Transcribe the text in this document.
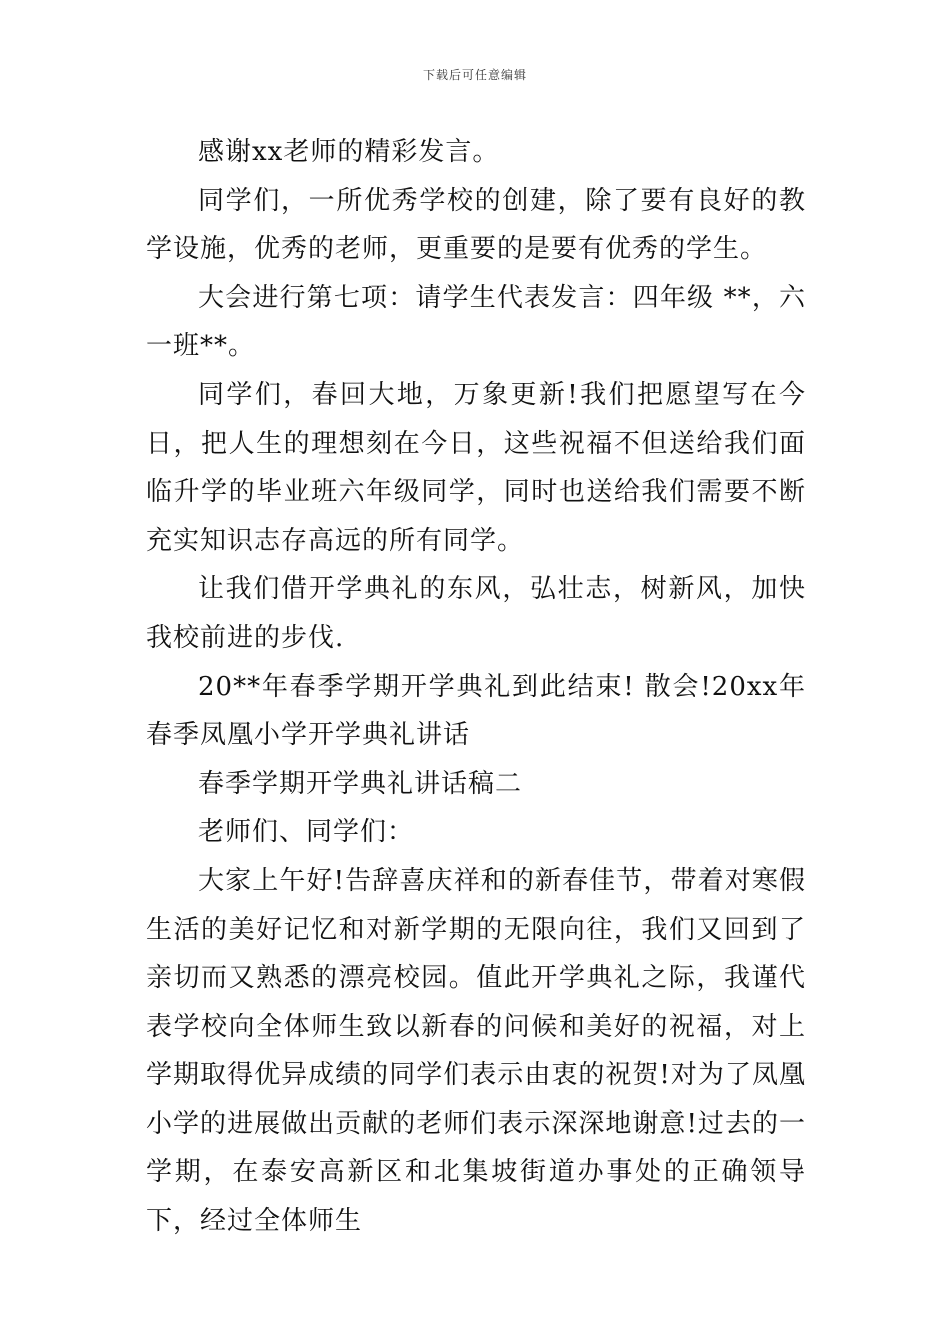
下载后可任意编辑

感谢xx老师的精彩发言。

同学们，一所优秀学校的创建，除了要有良好的教学设施，优秀的老师，更重要的是要有优秀的学生。

大会进行第七项：请学生代表发言：四年级 **，六一班**。

同学们，春回大地，万象更新!我们把愿望写在今日，把人生的理想刻在今日，这些祝福不但送给我们面临升学的毕业班六年级同学，同时也送给我们需要不断充实知识志存高远的所有同学。

让我们借开学典礼的东风，弘壮志，树新风，加快我校前进的步伐.

20**年春季学期开学典礼到此结束! 散会!20xx年春季凤凰小学开学典礼讲话

春季学期开学典礼讲话稿二

老师们、同学们：

大家上午好!告辞喜庆祥和的新春佳节，带着对寒假生活的美好记忆和对新学期的无限向往，我们又回到了亲切而又熟悉的漂亮校园。值此开学典礼之际，我谨代表学校向全体师生致以新春的问候和美好的祝福，对上学期取得优异成绩的同学们表示由衷的祝贺!对为了凤凰小学的进展做出贡献的老师们表示深深地谢意!过去的一学期，在泰安高新区和北集坡街道办事处的正确领导下，经过全体师生
